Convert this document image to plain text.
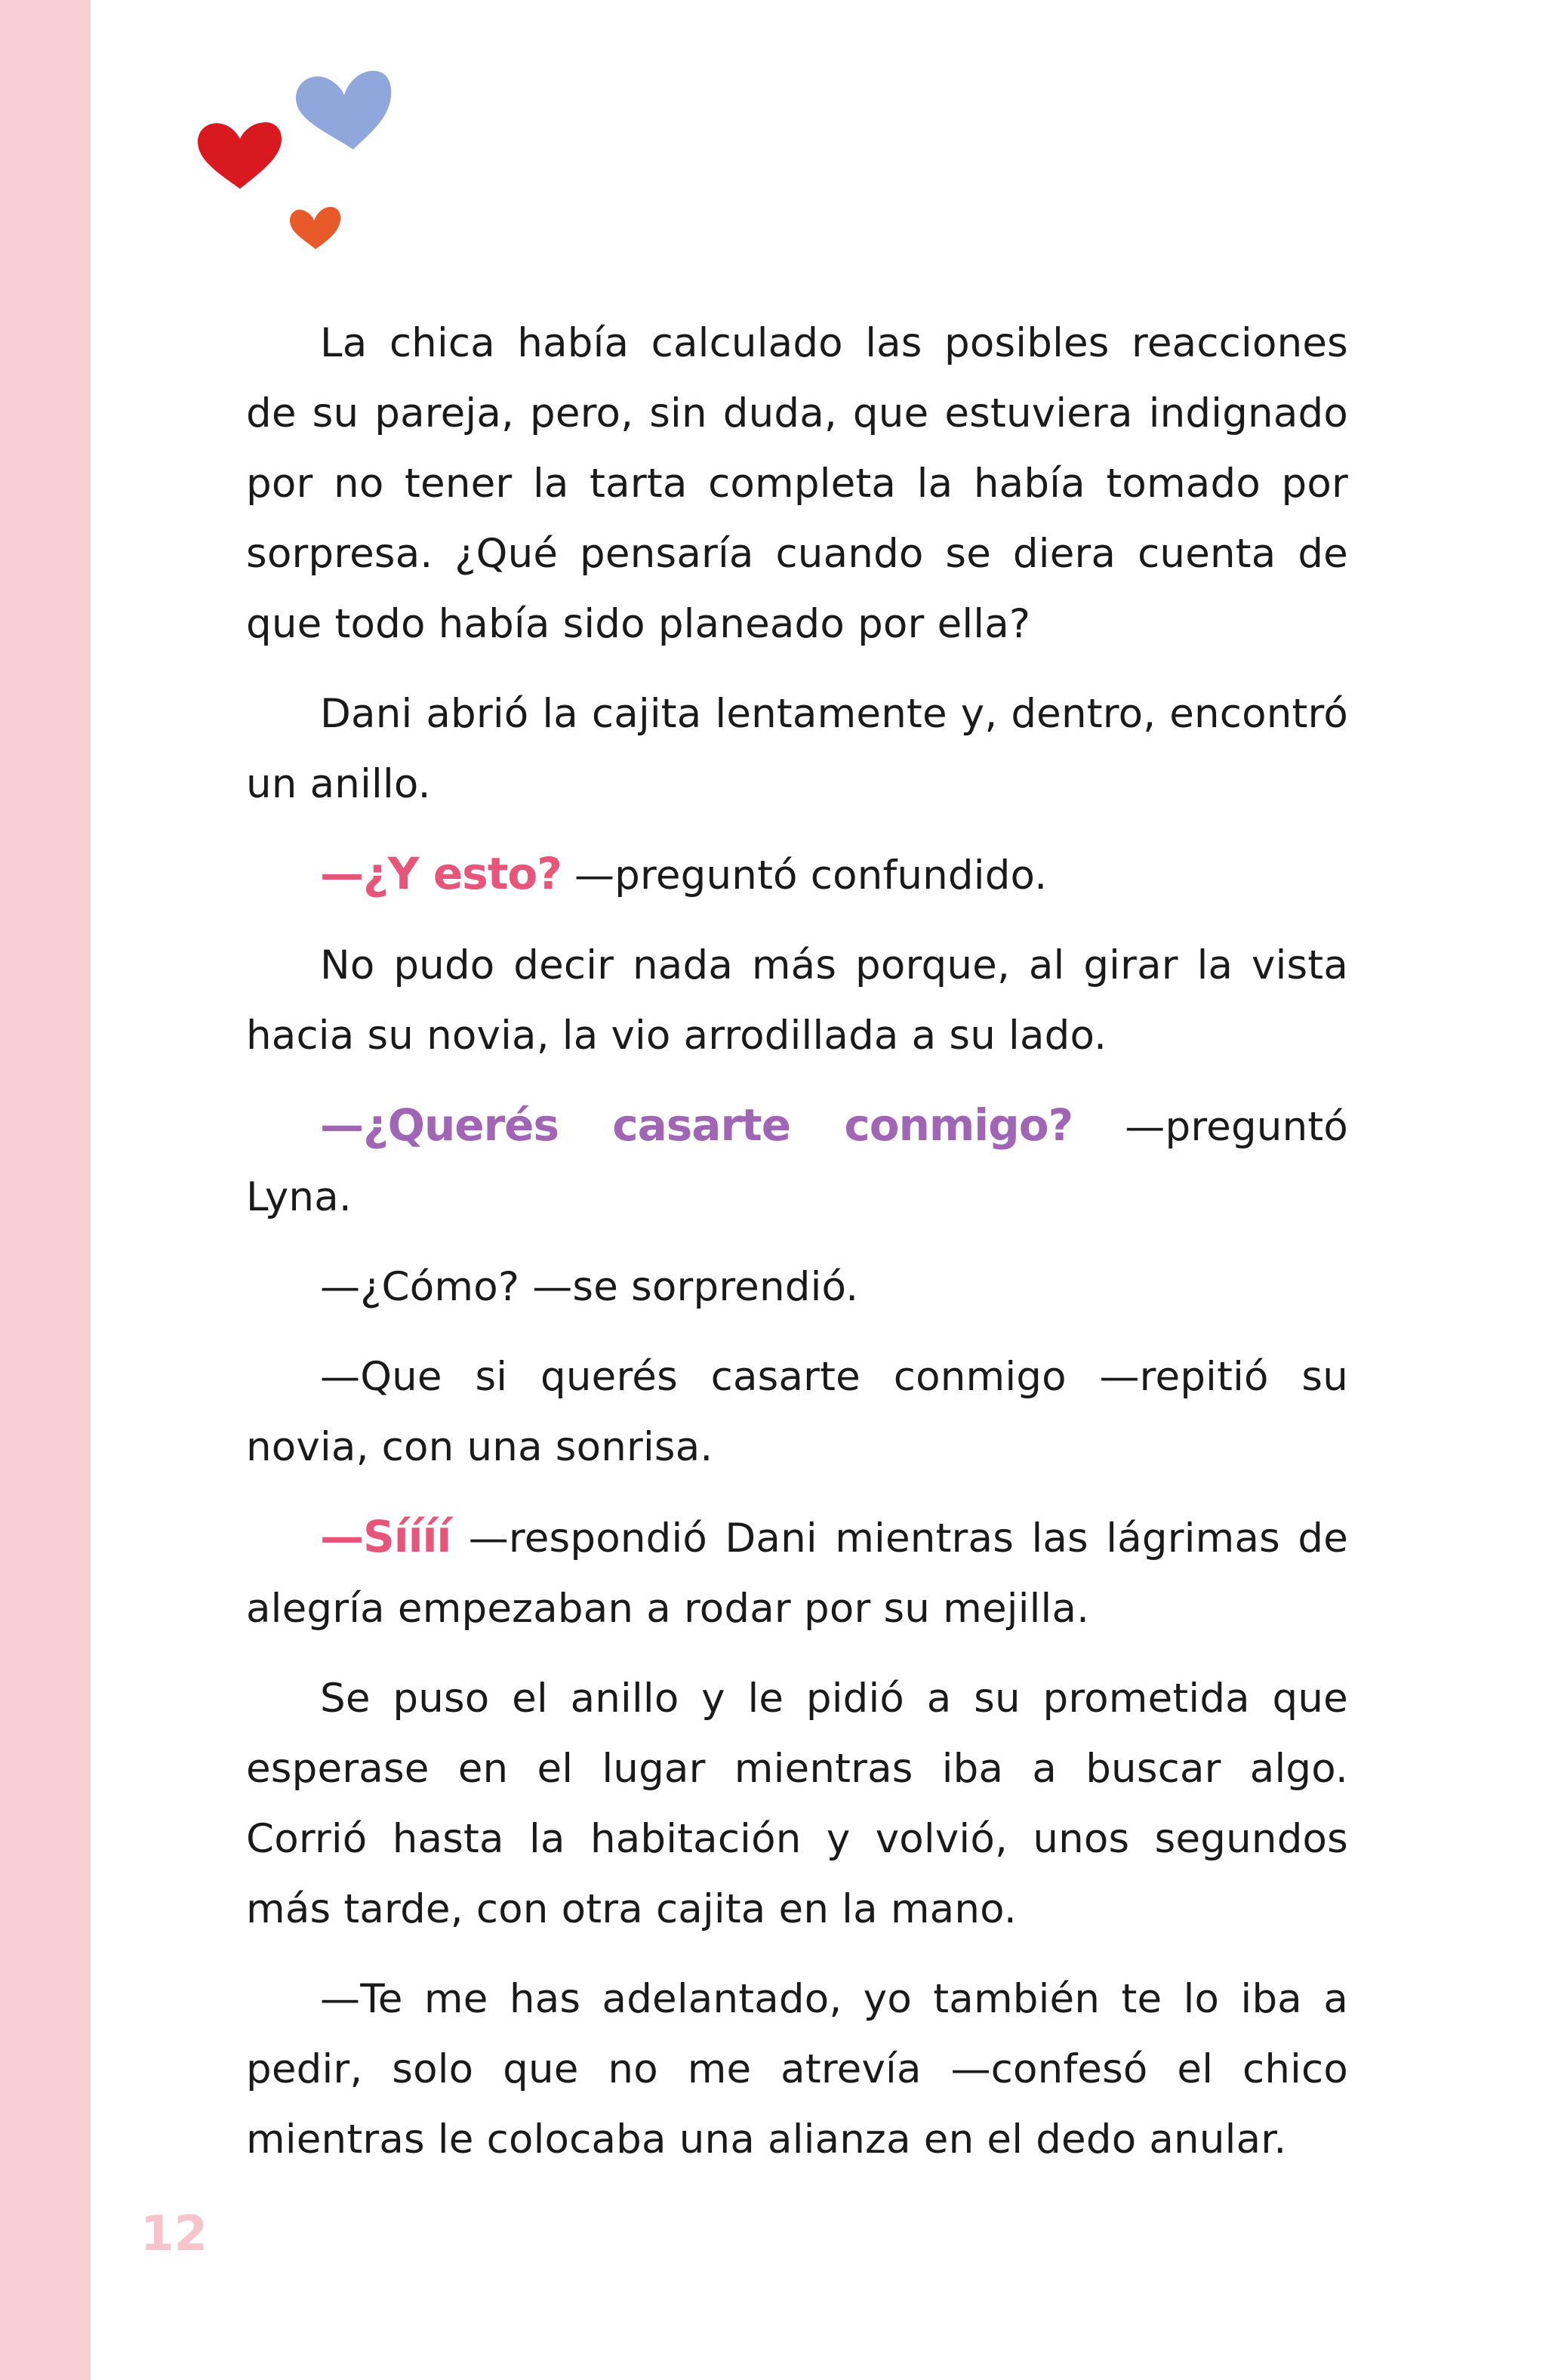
La chica había calculado las posibles reacciones de su pareja, pero, sin duda, que estuviera indignado por no tener la tarta completa la había tomado por sorpresa. ¿Qué pensaría cuando se diera cuenta de que todo había sido planeado por ella?

Dani abrió la cajita lentamente y, dentro, encontró un anillo.

—¿Y esto? —preguntó confundido.

No pudo decir nada más porque, al girar la vista hacia su novia, la vio arrodillada a su lado.

—¿Querés casarte conmigo? —preguntó Lyna.

—¿Cómo? —se sorprendió.

—Que si querés casarte conmigo —repitió su novia, con una sonrisa.

—Síííí —respondió Dani mientras las lágrimas de alegría empezaban a rodar por su mejilla.

Se puso el anillo y le pidió a su prometida que esperase en el lugar mientras iba a buscar algo. Corrió hasta la habitación y volvió, unos segundos más tarde, con otra cajita en la mano.

—Te me has adelantado, yo también te lo iba a pedir, solo que no me atrevía —confesó el chico mientras le colocaba una alianza en el dedo anular.

12
